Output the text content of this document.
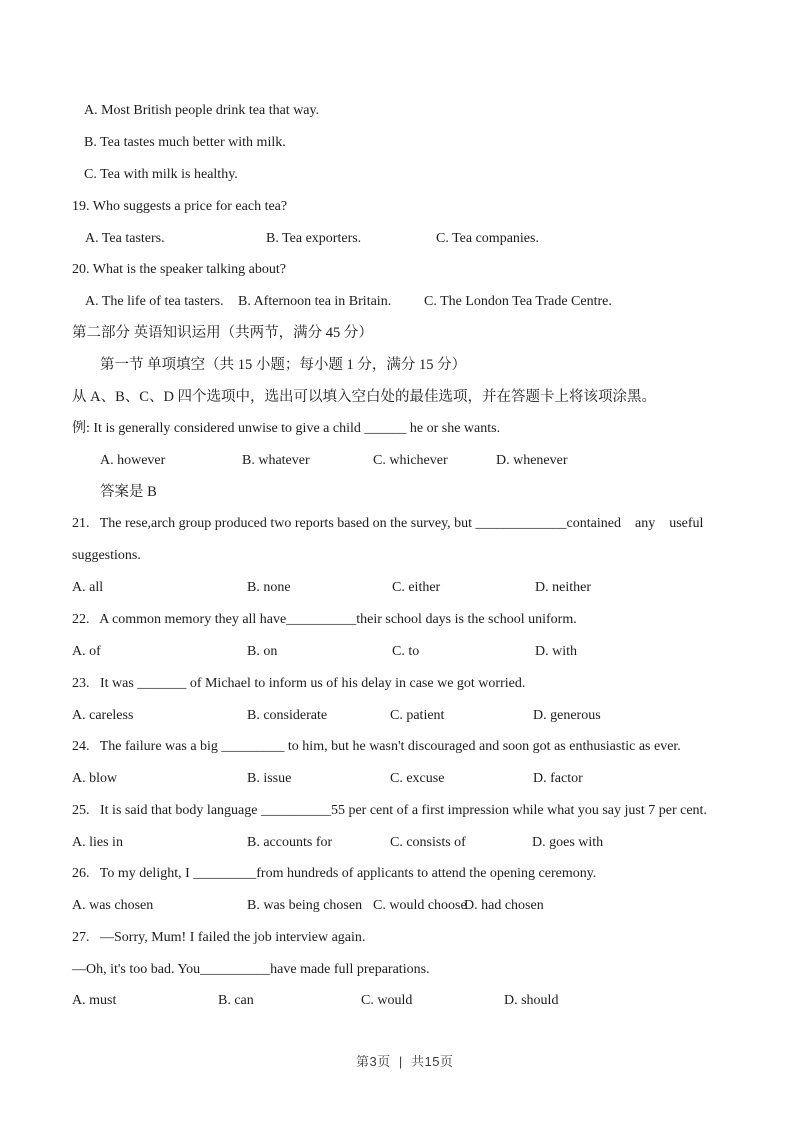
A. Most British people drink tea that way.
B. Tea tastes much better with milk.
C. Tea with milk is healthy.
19. Who suggests a price for each tea?
A. Tea tasters.	B. Tea exporters.	C. Tea companies.
20. What is the speaker talking about?
A. The life of tea tasters. B. Afternoon tea in Britain. C. The London Tea Trade Centre.
第二部分 英语知识运用（共两节，满分 45 分）
第一节 单项填空（共 15 小题；每小题 1 分，满分 15 分）
从 A、B、C、D 四个选项中，选出可以填入空白处的最佳选项，并在答题卡上将该项涂黑。
例: It is generally considered unwise to give a child ______ he or she wants.
A. however	B. whatever	C. whichever	D. whenever
答案是 B
21.   The rese,arch group produced two reports based on the survey, but _____________contained    any    useful
suggestions.
A. all	B. none	C. either	D. neither
22.   A common memory they all have__________their school days is the school uniform.
A. of	B. on	C. to	D. with
23.   It was _______ of Michael to inform us of his delay in case we got worried.
A. careless	B. considerate	C. patient	D. generous
24.   The failure was a big _________ to him, but he wasn't discouraged and soon got as enthusiastic as ever.
A. blow	B. issue	C. excuse	D. factor
25.   It is said that body language __________55 per cent of a first impression while what you say just 7 per cent.
A. lies in	B. accounts for	C. consists of	D. goes with
26.   To my delight, I _________from hundreds of applicants to attend the opening ceremony.
A. was chosen	B. was being chosen C. would choose
D. had chosen
27.   —Sorry, Mum! I failed the job interview again.
—Oh, it's too bad. You__________have made full preparations.
A. must	B. can	C. would	D. should

第3页  |  共15页
